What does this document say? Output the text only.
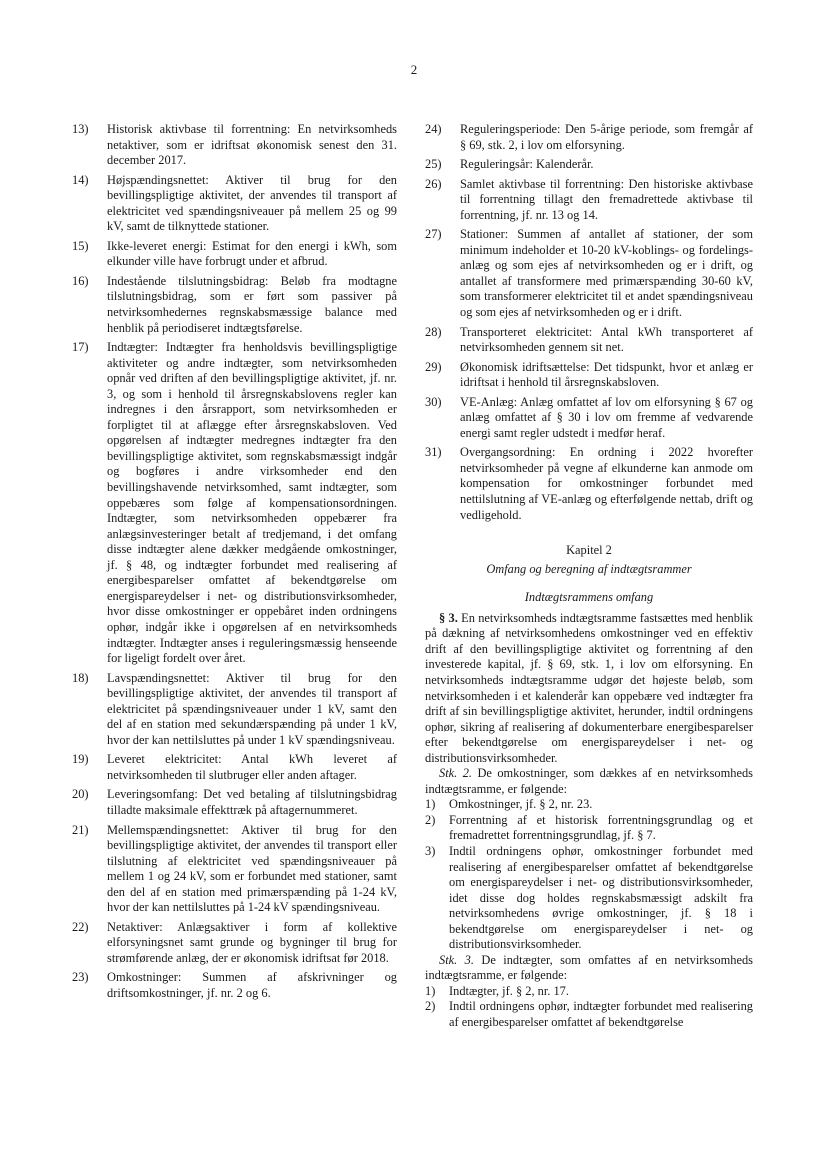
2
13)	Historisk aktivbase til forrentning: En netvirksomheds netaktiver, som er idriftsat økonomisk senest den 31. december 2017.
14)	Højspændingsnettet: Aktiver til brug for den bevillingspligtige aktivitet, der anvendes til transport af elektricitet ved spændingsniveauer på mellem 25 og 99 kV, samt de tilknyttede stationer.
15)	Ikke-leveret energi: Estimat for den energi i kWh, som elkunder ville have forbrugt under et afbrud.
16)	Indestående tilslutningsbidrag: Beløb fra modtagne tilslutningsbidrag, som er ført som passiver på netvirksomhedernes regnskabsmæssige balance med henblik på periodiseret indtægtsførelse.
17)	Indtægter: Indtægter fra henholdsvis bevillingspligtige aktiviteter og andre indtægter, som netvirksomheden opnår ved driften af den bevillingspligtige aktivitet, jf. nr. 3, og som i henhold til årsregnskabslovens regler kan indregnes i den årsrapport, som netvirksomheden er forpligtet til at aflægge efter årsregnskabsloven. Ved opgørelsen af indtægter medregnes indtægter fra den bevillingspligtige aktivitet, som regnskabsmæssigt indgår og bogføres i andre virksomheder end den bevillingshavende netvirksomhed, samt indtægter, som oppebæres som følge af kompensationsordningen. Indtægter, som netvirksomheden oppebærer fra anlægsinvesteringer betalt af tredjemand, i det omfang disse indtægter alene dækker medgående omkostninger, jf. § 48, og indtægter forbundet med realisering af energibesparelser omfattet af bekendtgørelse om energispareydelser i net- og distributionsvirksomheder, hvor disse omkostninger er oppebåret inden ordningens ophør, indgår ikke i opgørelsen af en netvirksomheds indtægter. Indtægter anses i reguleringsmæssig henseende for ligeligt fordelt over året.
18)	Lavspændingsnettet: Aktiver til brug for den bevillingspligtige aktivitet, der anvendes til transport af elektricitet på spændingsniveauer under 1 kV, samt den del af en station med sekundærspænding på under 1 kV, hvor der kan nettilsluttes på under 1 kV spændingsniveau.
19)	Leveret elektricitet: Antal kWh leveret af netvirksomheden til slutbruger eller anden aftager.
20)	Leveringsomfang: Det ved betaling af tilslutningsbidrag tilladte maksimale effekttræk på aftagernummeret.
21)	Mellemspændingsnettet: Aktiver til brug for den bevillingspligtige aktivitet, der anvendes til transport eller tilslutning af elektricitet ved spændingsniveauer på mellem 1 og 24 kV, som er forbundet med stationer, samt den del af en station med primærspænding på 1-24 kV, hvor der kan nettilsluttes på 1-24 kV spændingsniveau.
22)	Netaktiver: Anlægsaktiver i form af kollektive elforsyningsnet samt grunde og bygninger til brug for strømførende anlæg, der er økonomisk idriftsat før 2018.
23)	Omkostninger: Summen af afskrivninger og driftsomkostninger, jf. nr. 2 og 6.
24)	Reguleringsperiode: Den 5-årige periode, som fremgår af § 69, stk. 2, i lov om elforsyning.
25)	Reguleringsår: Kalenderår.
26)	Samlet aktivbase til forrentning: Den historiske aktivbase til forrentning tillagt den fremadrettede aktivbase til forrentning, jf. nr. 13 og 14.
27)	Stationer: Summen af antallet af stationer, der som minimum indeholder et 10-20 kV-koblings- og fordelings-anlæg og som ejes af netvirksomheden og er i drift, og antallet af transformere med primærspænding 30-60 kV, som transformerer elektricitet til et andet spændingsniveau og som ejes af netvirksomheden og er i drift.
28)	Transporteret elektricitet: Antal kWh transporteret af netvirksomheden gennem sit net.
29)	Økonomisk idriftsættelse: Det tidspunkt, hvor et anlæg er idriftsat i henhold til årsregnskabsloven.
30)	VE-Anlæg: Anlæg omfattet af lov om elforsyning § 67 og anlæg omfattet af § 30 i lov om fremme af vedvarende energi samt regler udstedt i medfør heraf.
31)	Overgangsordning: En ordning i 2022 hvorefter netvirksomheder på vegne af elkunderne kan anmode om kompensation for omkostninger forbundet med nettilslutning af VE-anlæg og efterfølgende nettab, drift og vedligehold.
Kapitel 2
Omfang og beregning af indtægtsrammer
Indtægtsrammens omfang
§ 3. En netvirksomheds indtægtsramme fastsættes med henblik på dækning af netvirksomhedens omkostninger ved en effektiv drift af den bevillingspligtige aktivitet og forrentning af den investerede kapital, jf. § 69, stk. 1, i lov om elforsyning. En netvirksomheds indtægtsramme udgør det højeste beløb, som netvirksomheden i et kalenderår kan oppebære ved indtægter fra drift af sin bevillingspligtige aktivitet, herunder, indtil ordningens ophør, sikring af realisering af dokumenterbare energibesparelser efter bekendtgørelse om energispareydelser i net- og distributionsvirksomheder.
Stk. 2. De omkostninger, som dækkes af en netvirksomheds indtægtsramme, er følgende:
1)	Omkostninger, jf. § 2, nr. 23.
2)	Forrentning af et historisk forrentningsgrundlag og et fremadrettet forrentningsgrundlag, jf. § 7.
3)	Indtil ordningens ophør, omkostninger forbundet med realisering af energibesparelser omfattet af bekendtgørelse om energispareydelser i net- og distributionsvirksomheder, idet disse dog holdes regnskabsmæssigt adskilt fra netvirksomhedens øvrige omkostninger, jf. § 18 i bekendtgørelse om energispareydelser i net- og distributionsvirksomheder.
Stk. 3. De indtægter, som omfattes af en netvirksomheds indtægtsramme, er følgende:
1)	Indtægter, jf. § 2, nr. 17.
2)	Indtil ordningens ophør, indtægter forbundet med realisering af energibesparelser omfattet af bekendtgørelse
